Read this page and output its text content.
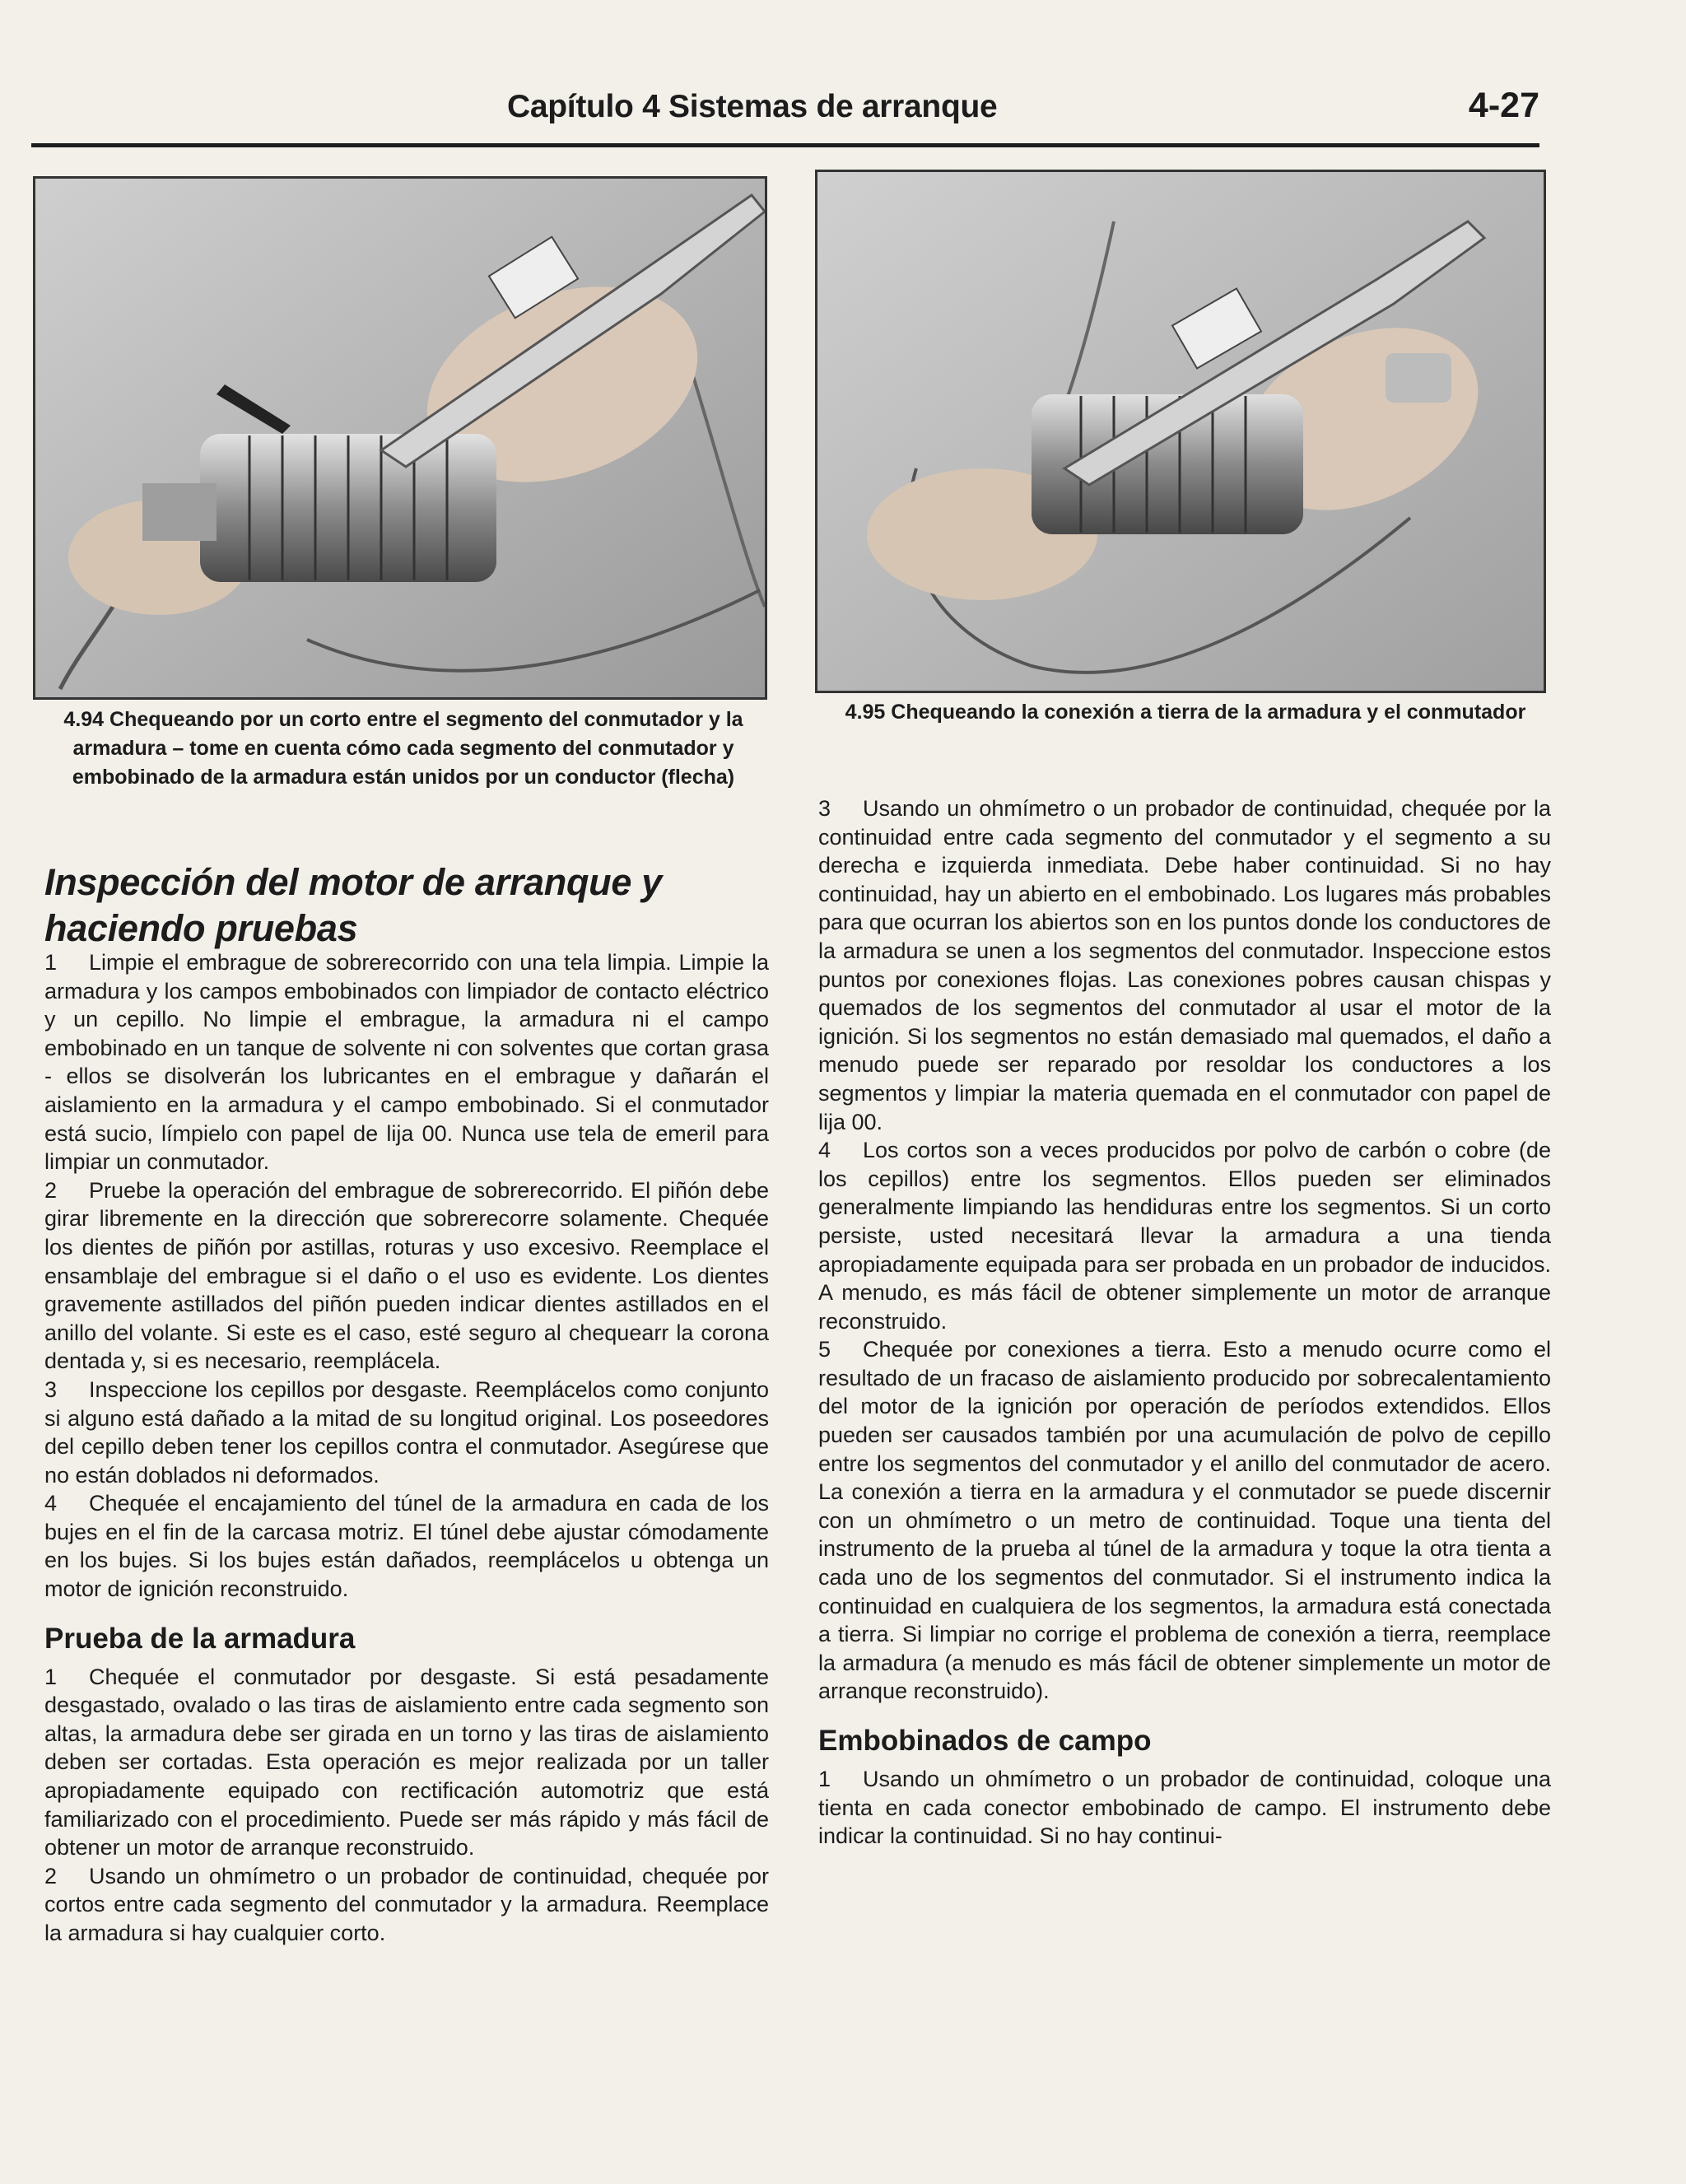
Capítulo 4 Sistemas de arranque	4-27
4.94 Chequeando por un corto entre el segmento del conmutador y la armadura – tome en cuenta cómo cada segmento del conmutador y embobinado de la armadura están unidos por un conductor (flecha)
4.95 Chequeando la conexión a tierra de la armadura y el conmutador
Inspección del motor de arranque y haciendo pruebas

1 Limpie el embrague de sobrerecorrido con una tela limpia. Limpie la armadura y los campos embobinados con limpiador de contacto eléctrico y un cepillo. No limpie el embrague, la armadura ni el campo embobinado en un tanque de solvente ni con solventes que cortan grasa - ellos se disolverán los lubricantes en el embrague y dañarán el aislamiento en la armadura y el campo embobinado. Si el conmutador está sucio, límpielo con papel de lija 00. Nunca use tela de emeril para limpiar un conmutador.

2 Pruebe la operación del embrague de sobrerecorrido. El piñón debe girar libremente en la dirección que sobrerecorre solamente. Chequée los dientes de piñón por astillas, roturas y uso excesivo. Reemplace el ensamblaje del embrague si el daño o el uso es evidente. Los dientes gravemente astillados del piñón pueden indicar dientes astillados en el anillo del volante. Si este es el caso, esté seguro al chequearr la corona dentada y, si es necesario, reemplácela.

3 Inspeccione los cepillos por desgaste. Reemplácelos como conjunto si alguno está dañado a la mitad de su longitud original. Los poseedores del cepillo deben tener los cepillos contra el conmutador. Asegúrese que no están doblados ni deformados.

4 Chequée el encajamiento del túnel de la armadura en cada de los bujes en el fin de la carcasa motriz. El túnel debe ajustar cómodamente en los bujes. Si los bujes están dañados, reemplácelos u obtenga un motor de ignición reconstruido.

Prueba de la armadura

1 Chequée el conmutador por desgaste. Si está pesadamente desgastado, ovalado o las tiras de aislamiento entre cada segmento son altas, la armadura debe ser girada en un torno y las tiras de aislamiento deben ser cortadas. Esta operación es mejor realizada por un taller apropiadamente equipado con rectificación automotriz que está familiarizado con el procedimiento. Puede ser más rápido y más fácil de obtener un motor de arranque reconstruido.

2 Usando un ohmímetro o un probador de continuidad, chequée por cortos entre cada segmento del conmutador y la armadura. Reemplace la armadura si hay cualquier corto.

3 Usando un ohmímetro o un probador de continuidad, chequée por la continuidad entre cada segmento del conmutador y el segmento a su derecha e izquierda inmediata. Debe haber continuidad. Si no hay continuidad, hay un abierto en el embobinado. Los lugares más probables para que ocurran los abiertos son en los puntos donde los conductores de la armadura se unen a los segmentos del conmutador. Inspeccione estos puntos por conexiones flojas. Las conexiones pobres causan chispas y quemados de los segmentos del conmutador al usar el motor de la ignición. Si los segmentos no están demasiado mal quemados, el daño a menudo puede ser reparado por resoldar los conductores a los segmentos y limpiar la materia quemada en el conmutador con papel de lija 00.

4 Los cortos son a veces producidos por polvo de carbón o cobre (de los cepillos) entre los segmentos. Ellos pueden ser eliminados generalmente limpiando las hendiduras entre los segmentos. Si un corto persiste, usted necesitará llevar la armadura a una tienda apropiadamente equipada para ser probada en un probador de inducidos. A menudo, es más fácil de obtener simplemente un motor de arranque reconstruido.

5 Chequée por conexiones a tierra. Esto a menudo ocurre como el resultado de un fracaso de aislamiento producido por sobrecalentamiento del motor de la ignición por operación de períodos extendidos. Ellos pueden ser causados también por una acumulación de polvo de cepillo entre los segmentos del conmutador y el anillo del conmutador de acero. La conexión a tierra en la armadura y el conmutador se puede discernir con un ohmímetro o un metro de continuidad. Toque una tienta del instrumento de la prueba al túnel de la armadura y toque la otra tienta a cada uno de los segmentos del conmutador. Si el instrumento indica la continuidad en cualquiera de los segmentos, la armadura está conectada a tierra. Si limpiar no corrige el problema de conexión a tierra, reemplace la armadura (a menudo es más fácil de obtener simplemente un motor de arranque reconstruido).

Embobinados de campo

1 Usando un ohmímetro o un probador de continuidad, coloque una tienta en cada conector embobinado de campo. El instrumento debe indicar la continuidad. Si no hay continui-
